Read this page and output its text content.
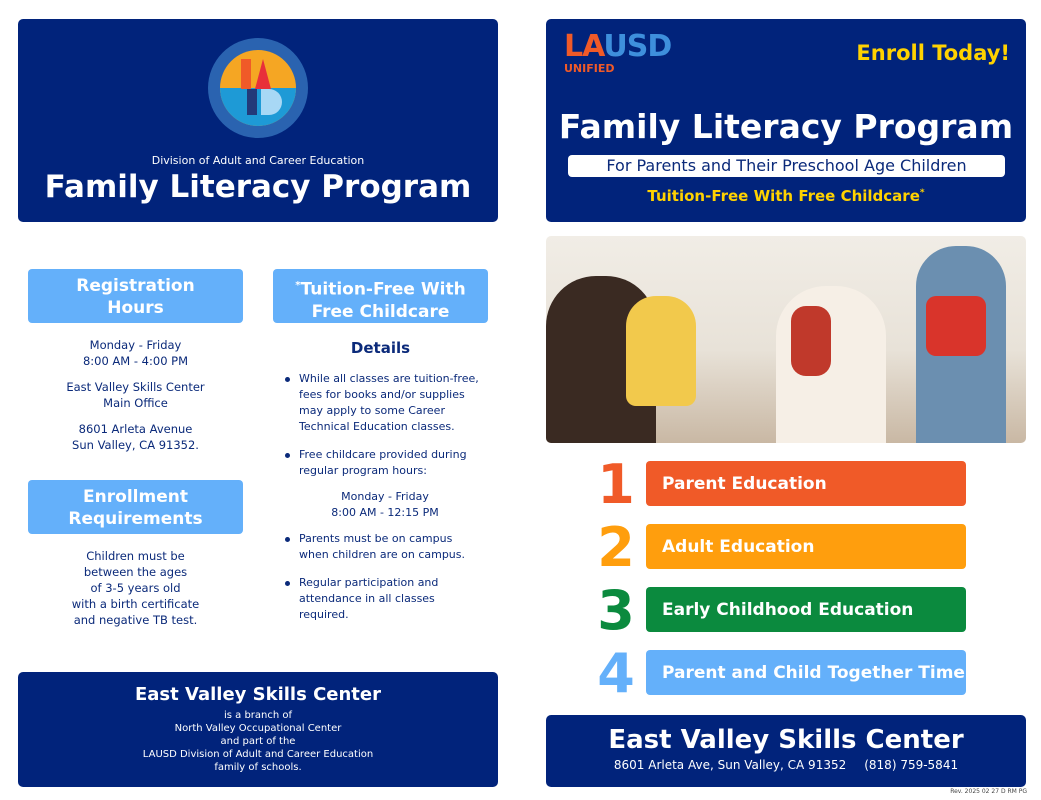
Division of Adult and Career Education
Family Literacy Program
Registration Hours
Monday - Friday
8:00 AM - 4:00 PM
East Valley Skills Center
Main Office
8601 Arleta Avenue
Sun Valley, CA 91352.
Enrollment Requirements
Children must be
between the ages
of 3-5 years old
with a birth certificate
and negative TB test.
*Tuition-Free With Free Childcare
Details
While all classes are tuition-free, fees for books and/or supplies may apply to some Career Technical Education classes.
Free childcare provided during regular program hours:
Monday - Friday
8:00 AM - 12:15 PM
Parents must be on campus when children are on campus.
Regular participation and attendance in all classes required.
East Valley Skills Center
is a branch of
North Valley Occupational Center
and part of the
LAUSD Division of Adult and Career Education
family of schools.
LAUSD
UNIFIED
Enroll Today!
Family Literacy Program
For Parents and Their Preschool Age Children
Tuition-Free With Free Childcare*
1	Parent Education
2	Adult Education
3	Early Childhood Education
4	Parent and Child Together Time
East Valley Skills Center
8601 Arleta Ave, Sun Valley, CA 91352 (818) 759-5841
Rev. 2025 02 27 D RM PG
